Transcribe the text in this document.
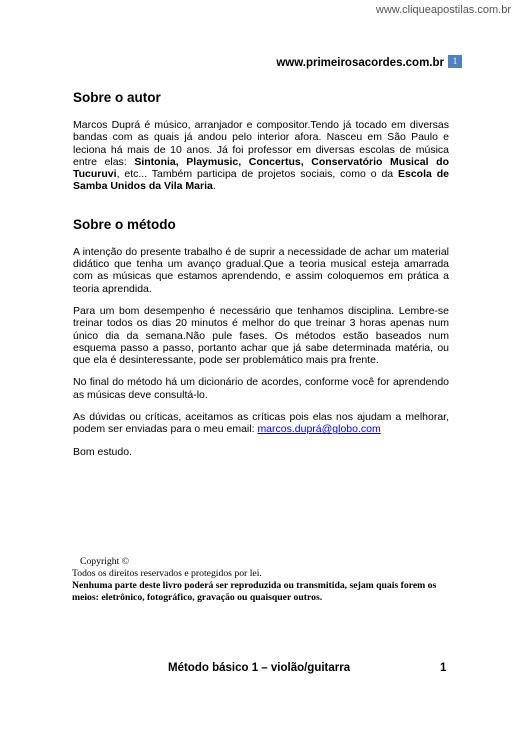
www.cliqueapostilas.com.br
www.primeirosacordes.com.br 1
Sobre o autor

Marcos Duprá é músico, arranjador e compositor.Tendo já tocado em diversas bandas com as quais já andou pelo interior afora. Nasceu em São Paulo e leciona há mais de 10 anos. Já foi professor em diversas escolas de música entre elas: Sintonia, Playmusic, Concertus, Conservatório Musical do Tucuruvi, etc... Também participa de projetos sociais, como o da Escola de Samba Unidos da Vila Maria.

Sobre o método

A intenção do presente trabalho é de suprir a necessidade de achar um material didático que tenha um avanço gradual.Que a teoria musical esteja amarrada com as músicas que estamos aprendendo, e assim coloquemos em prática a teoria aprendida.

Para um bom desempenho é necessário que tenhamos disciplina. Lembre-se treinar todos os dias 20 minutos é melhor do que treinar 3 horas apenas num único dia da semana.Não pule fases. Os métodos estão baseados num esquema passo a passo, portanto achar que já sabe determinada matéria, ou que ela é desinteressante, pode ser problemático mais pra frente.

No final do método há um dicionário de acordes, conforme você for aprendendo as músicas deve consultá-lo.

As dúvidas ou críticas, aceitamos as críticas pois elas nos ajudam a melhorar, podem ser enviadas para o meu email: marcos.duprá@globo.com

Bom estudo.

Copyright ©
Todos os direitos reservados e protegidos por lei.
Nenhuma parte deste livro poderá ser reproduzida ou transmitida, sejam quais forem os meios: eletrônico, fotográfico, gravação ou quaisquer outros.
Método básico 1 – violão/guitarra	1
